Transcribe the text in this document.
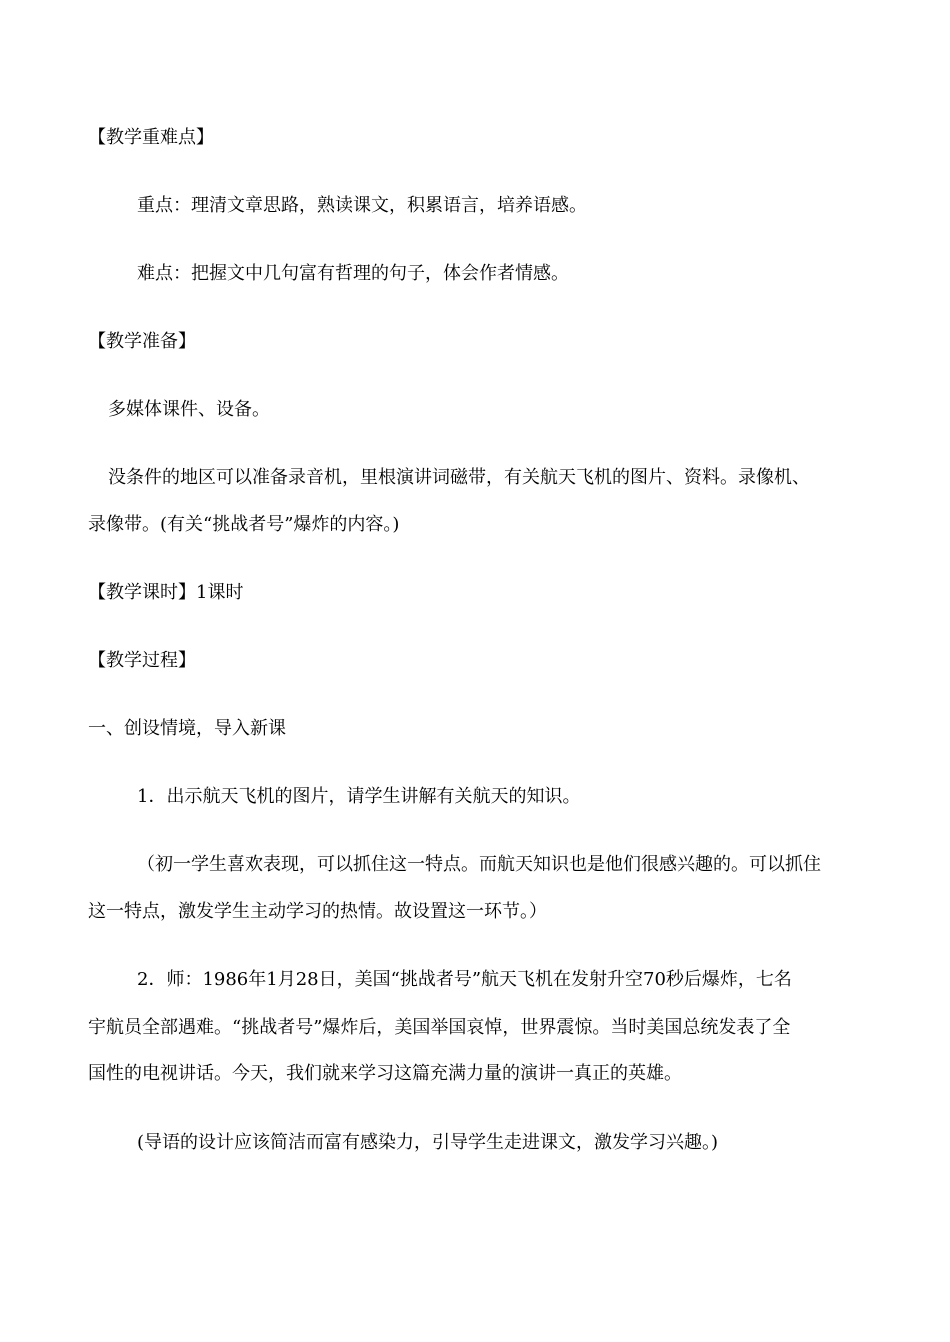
【教学重难点】
重点：理清文章思路，熟读课文，积累语言，培养语感。
难点：把握文中几句富有哲理的句子，体会作者情感。
【教学准备】
多媒体课件、设备。
没条件的地区可以准备录音机，里根演讲词磁带，有关航天飞机的图片、资料。录像机、
录像带。(有关“挑战者号”爆炸的内容。)
【教学课时】1课时
【教学过程】
一、创设情境，导入新课
1．出示航天飞机的图片，请学生讲解有关航天的知识。
（初一学生喜欢表现，可以抓住这一特点。而航天知识也是他们很感兴趣的。可以抓住
这一特点，激发学生主动学习的热情。故设置这一环节。）
2．师：1986年1月28日，美国“挑战者号”航天飞机在发射升空70秒后爆炸，七名
宇航员全部遇难。“挑战者号”爆炸后，美国举国哀悼，世界震惊。当时美国总统发表了全
国性的电视讲话。今天，我们就来学习这篇充满力量的演讲一真正的英雄。
(导语的设计应该简洁而富有感染力，引导学生走进课文，激发学习兴趣。)
